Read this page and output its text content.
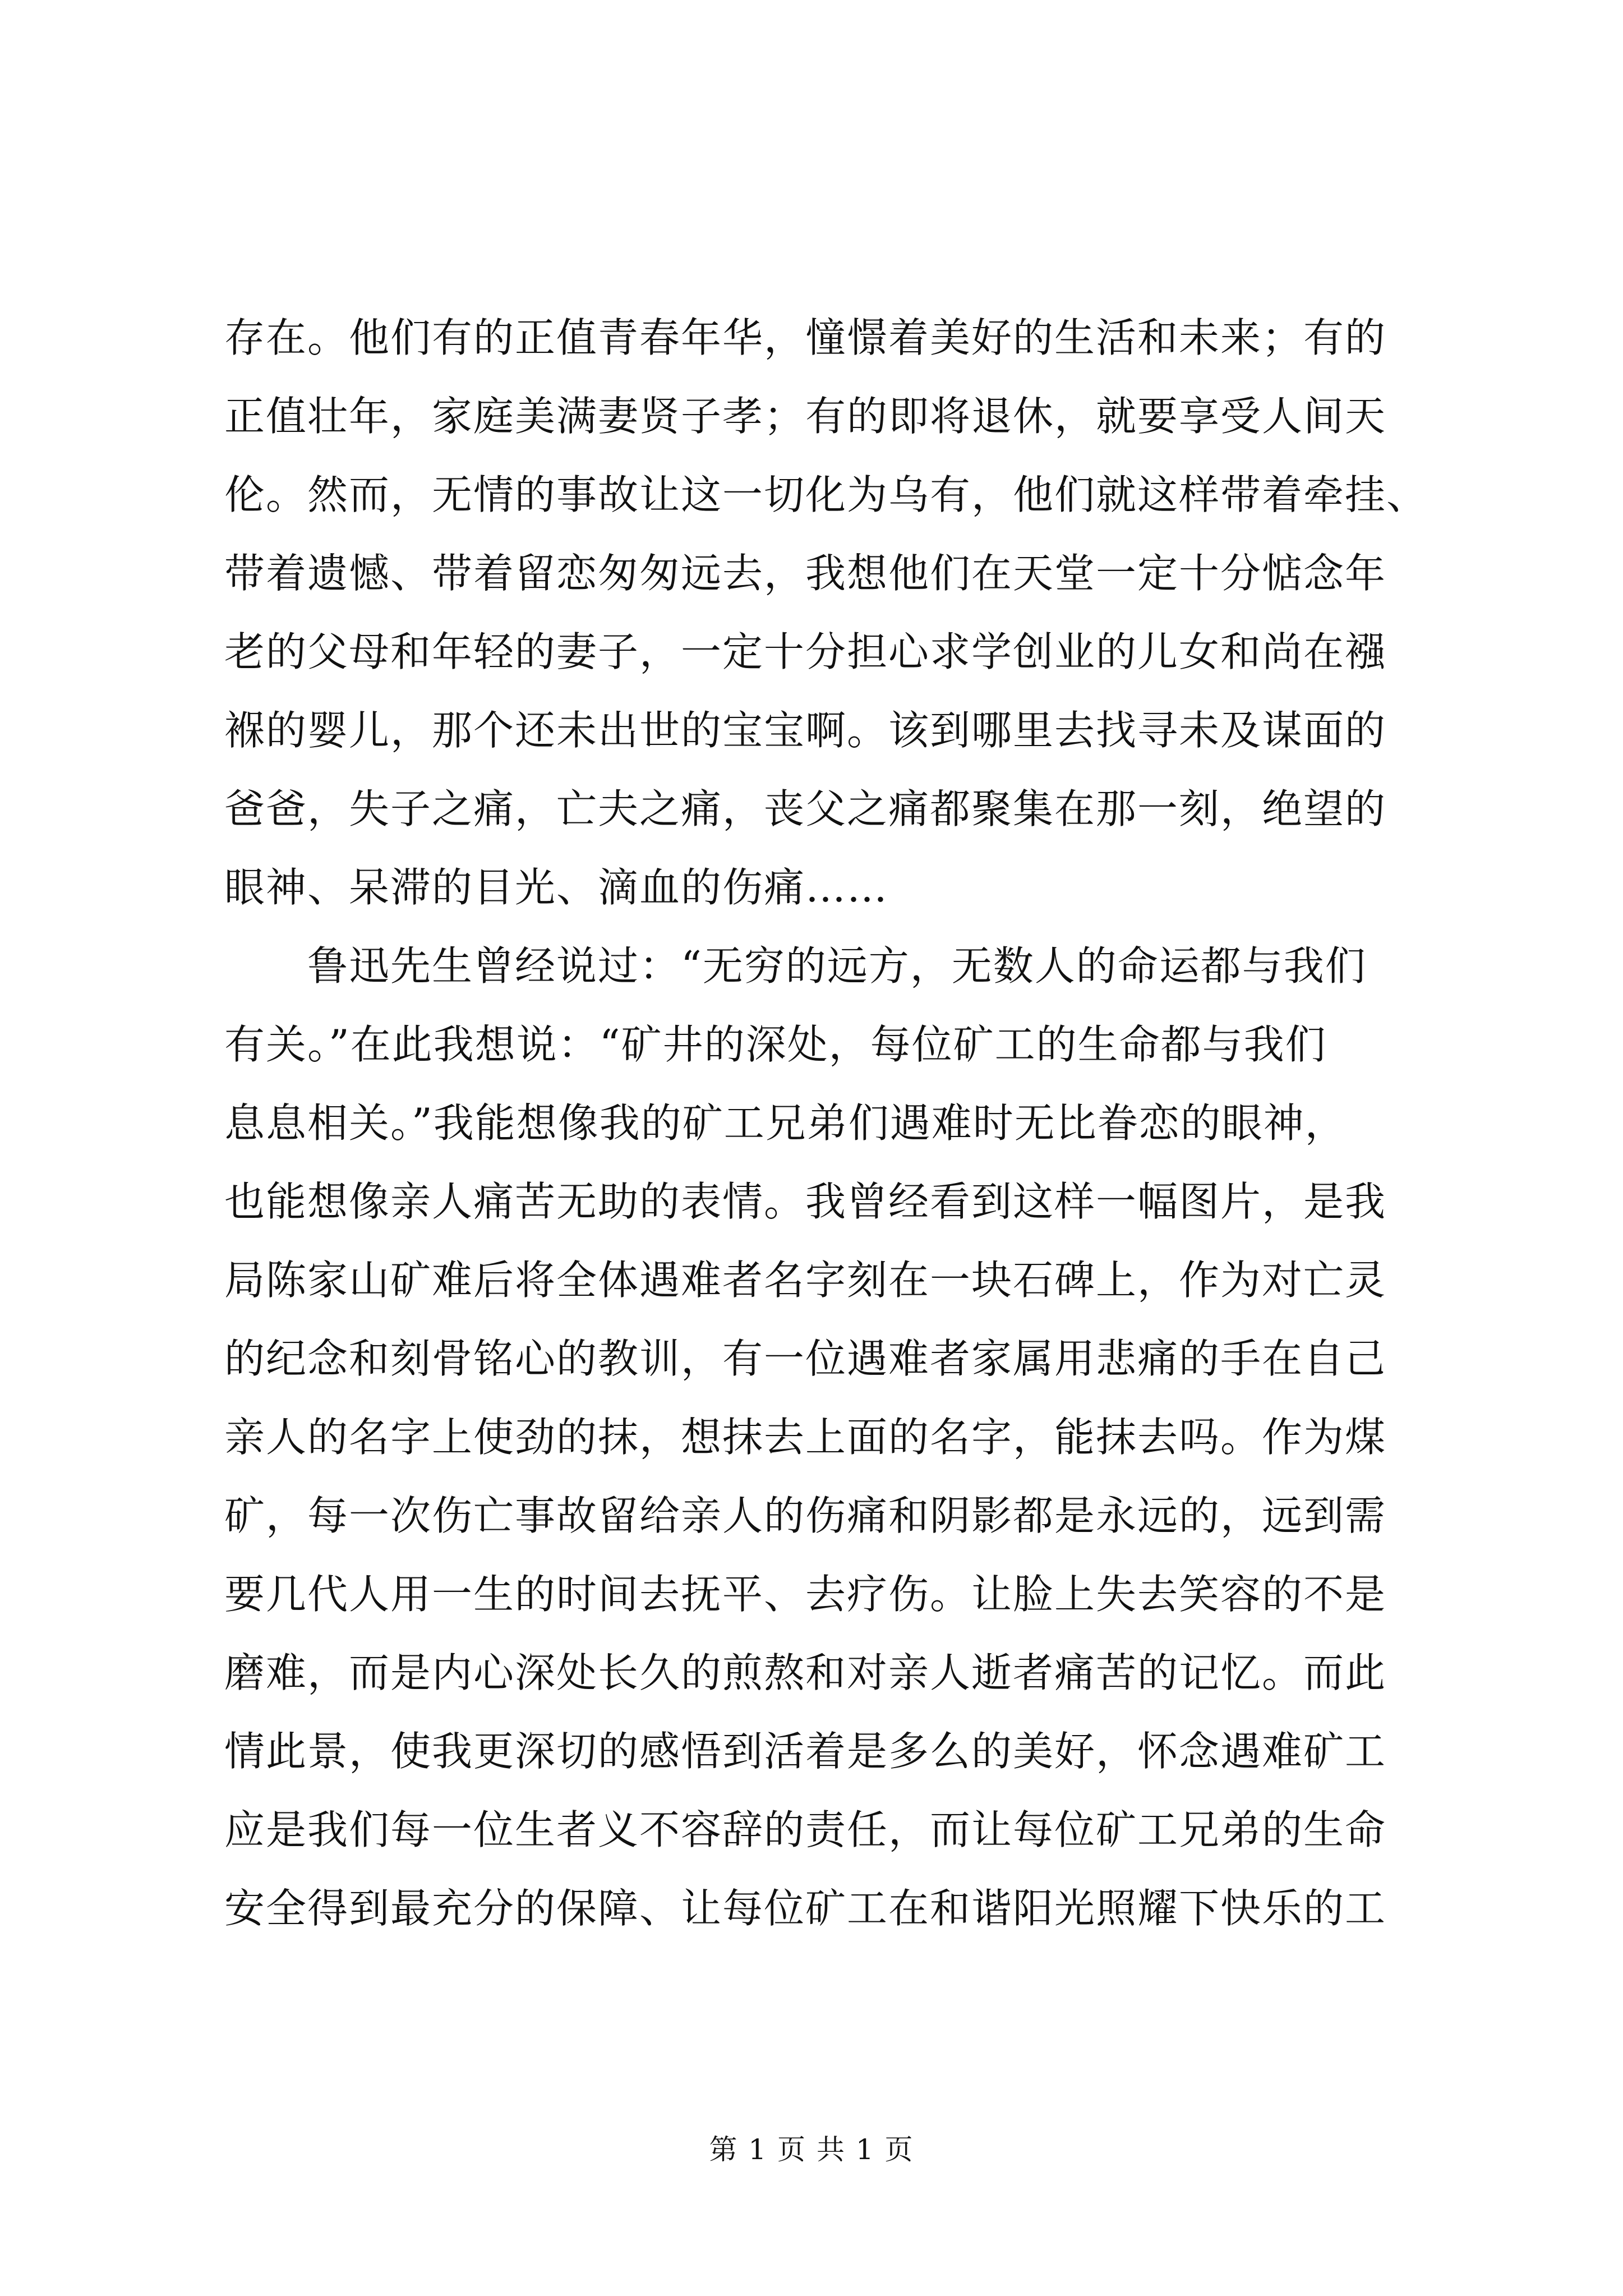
存在。他们有的正值青春年华，憧憬着美好的生活和未来；有的
正值壮年，家庭美满妻贤子孝；有的即将退休，就要享受人间天
伦。然而，无情的事故让这一切化为乌有，他们就这样带着牵挂、
带着遗憾、带着留恋匆匆远去，我想他们在天堂一定十分惦念年
老的父母和年轻的妻子，一定十分担心求学创业的儿女和尚在襁
褓的婴儿，那个还未出世的宝宝啊。该到哪里去找寻未及谋面的
爸爸，失子之痛，亡夫之痛，丧父之痛都聚集在那一刻，绝望的
眼神、呆滞的目光、滴血的伤痛……
　　鲁迅先生曾经说过：“无穷的远方，无数人的命运都与我们
有关。”在此我想说：“矿井的深处，每位矿工的生命都与我们
息息相关。”我能想像我的矿工兄弟们遇难时无比眷恋的眼神，
也能想像亲人痛苦无助的表情。我曾经看到这样一幅图片，是我
局陈家山矿难后将全体遇难者名字刻在一块石碑上，作为对亡灵
的纪念和刻骨铭心的教训，有一位遇难者家属用悲痛的手在自己
亲人的名字上使劲的抹，想抹去上面的名字，能抹去吗。作为煤
矿，每一次伤亡事故留给亲人的伤痛和阴影都是永远的，远到需
要几代人用一生的时间去抚平、去疗伤。让脸上失去笑容的不是
磨难，而是内心深处长久的煎熬和对亲人逝者痛苦的记忆。而此
情此景，使我更深切的感悟到活着是多么的美好，怀念遇难矿工
应是我们每一位生者义不容辞的责任，而让每位矿工兄弟的生命
安全得到最充分的保障、让每位矿工在和谐阳光照耀下快乐的工
第 1 页 共 1 页
